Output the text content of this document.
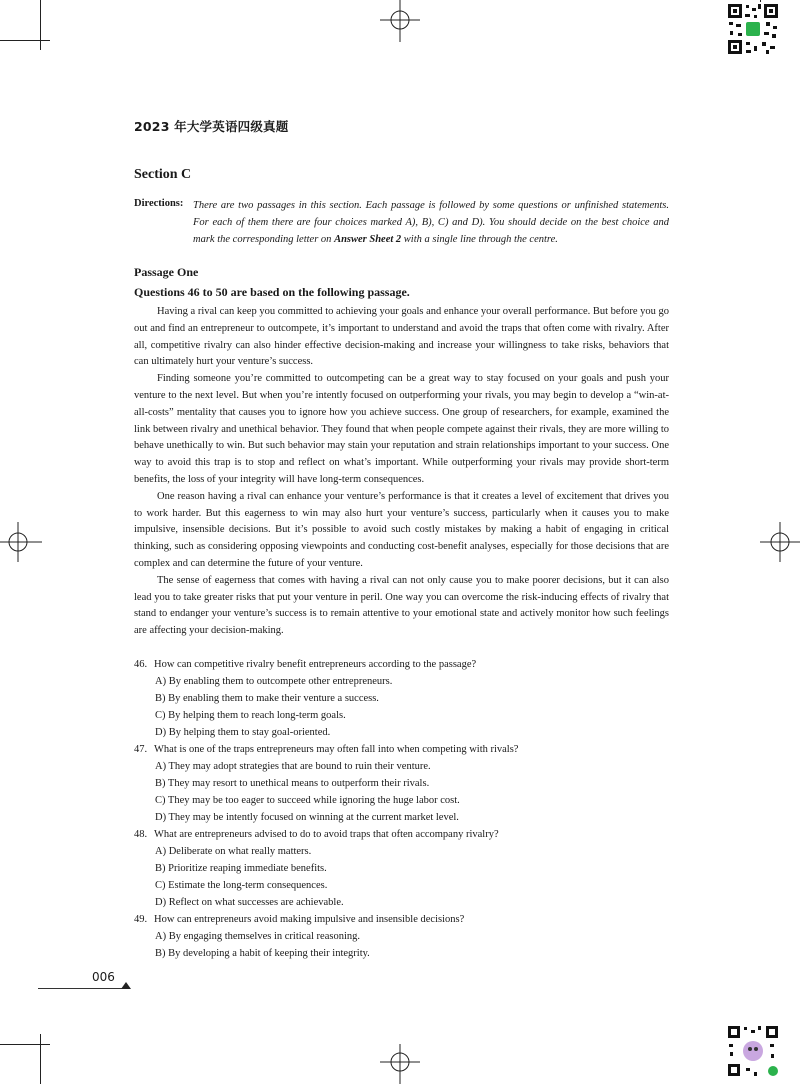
2023 年大学英语四级真题
Section C
Directions: There are two passages in this section. Each passage is followed by some questions or unfinished statements. For each of them there are four choices marked A), B), C) and D). You should decide on the best choice and mark the corresponding letter on Answer Sheet 2 with a single line through the centre.
Passage One
Questions 46 to 50 are based on the following passage.

Having a rival can keep you committed to achieving your goals and enhance your overall performance. But before you go out and find an entrepreneur to outcompete, it’s important to understand and avoid the traps that often come with rivalry. After all, competitive rivalry can also hinder effective decision-making and increase your willingness to take risks, behaviors that can ultimately hurt your venture’s success.

Finding someone you’re committed to outcompeting can be a great way to stay focused on your goals and push your venture to the next level. But when you’re intently focused on outperforming your rivals, you may begin to develop a “win-at-all-costs” mentality that causes you to ignore how you achieve success. One group of researchers, for example, examined the link between rivalry and unethical behavior. They found that when people compete against their rivals, they are more willing to behave unethically to win. But such behavior may stain your reputation and strain relationships important to your success. One way to avoid this trap is to stop and reflect on what’s important. While outperforming your rivals may provide short-term benefits, the loss of your integrity will have long-term consequences.

One reason having a rival can enhance your venture’s performance is that it creates a level of excitement that drives you to work harder. But this eagerness to win may also hurt your venture’s success, particularly when it causes you to make impulsive, insensible decisions. But it’s possible to avoid such costly mistakes by making a habit of engaging in critical thinking, such as considering opposing viewpoints and conducting cost-benefit analyses, especially for those decisions that are complex and can determine the future of your venture.

The sense of eagerness that comes with having a rival can not only cause you to make poorer decisions, but it can also lead you to take greater risks that put your venture in peril. One way you can overcome the risk-inducing effects of rivalry that stand to endanger your venture’s success is to remain attentive to your emotional state and actively monitor how such feelings are affecting your decision-making.

46. How can competitive rivalry benefit entrepreneurs according to the passage?
A) By enabling them to outcompete other entrepreneurs.
B) By enabling them to make their venture a success.
C) By helping them to reach long-term goals.
D) By helping them to stay goal-oriented.
47. What is one of the traps entrepreneurs may often fall into when competing with rivals?
A) They may adopt strategies that are bound to ruin their venture.
B) They may resort to unethical means to outperform their rivals.
C) They may be too eager to succeed while ignoring the huge labor cost.
D) They may be intently focused on winning at the current market level.
48. What are entrepreneurs advised to do to avoid traps that often accompany rivalry?
A) Deliberate on what really matters.
B) Prioritize reaping immediate benefits.
C) Estimate the long-term consequences.
D) Reflect on what successes are achievable.
49. How can entrepreneurs avoid making impulsive and insensible decisions?
A) By engaging themselves in critical reasoning.
B) By developing a habit of keeping their integrity.
006
